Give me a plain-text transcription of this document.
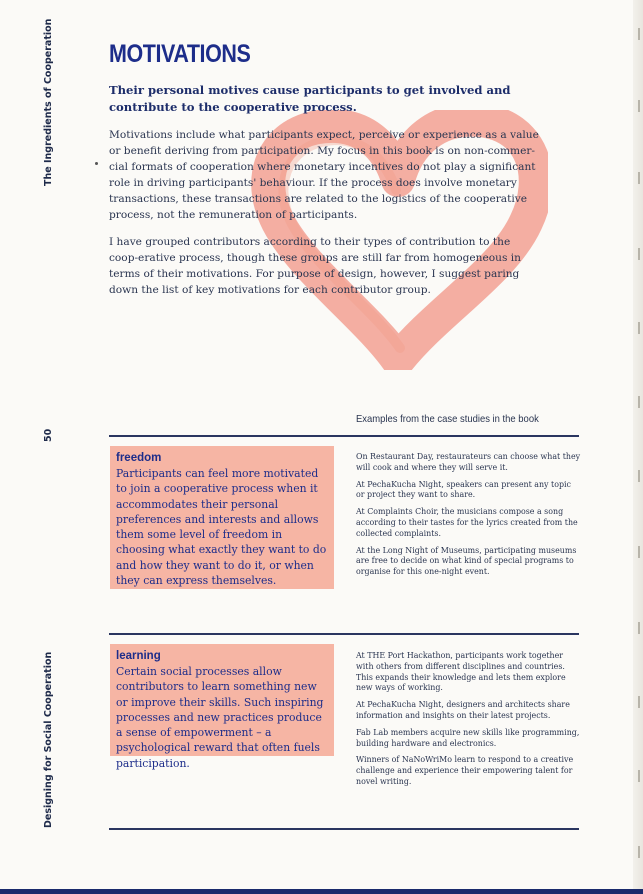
The Ingredients of Cooperation
50
Designing for Social Cooperation
MOTIVATIONS
Their personal motives cause participants to get involved and contribute to the cooperative process.
Motivations include what participants expect, perceive or experience as a value or benefit deriving from participation. My focus in this book is on non-commer-cial formats of cooperation where monetary incentives do not play a significant role in driving participants' behaviour. If the process does involve monetary transactions, these transactions are related to the logistics of the cooperative process, not the remuneration of participants.
I have grouped contributors according to their types of contribution to the coop-erative process, though these groups are still far from homogeneous in terms of their motivations. For purpose of design, however, I suggest paring down the list of key motivations for each contributor group.
Examples from the case studies in the book
freedom
Participants can feel more motivated to join a cooperative process when it accommodates their personal preferences and interests and allows them some level of freedom in choosing what exactly they want to do and how they want to do it, or when they can express themselves.

On Restaurant Day, restaurateurs can choose what they will cook and where they will serve it.

At PechaKucha Night, speakers can present any topic or project they want to share.

At Complaints Choir, the musicians compose a song according to their tastes for the lyrics created from the collected complaints.

At the Long Night of Museums, participating museums are free to decide on what kind of special programs to organise for this one-night event.

learning
Certain social processes allow contributors to learn something new or improve their skills. Such inspiring processes and new practices produce a sense of empowerment – a psychological reward that often fuels participation.

At THE Port Hackathon, participants work together with others from different disciplines and countries. This expands their knowledge and lets them explore new ways of working.

At PechaKucha Night, designers and architects share information and insights on their latest projects.

Fab Lab members acquire new skills like programming, building hardware and electronics.

Winners of NaNoWriMo learn to respond to a creative challenge and experience their empowering talent for novel writing.
